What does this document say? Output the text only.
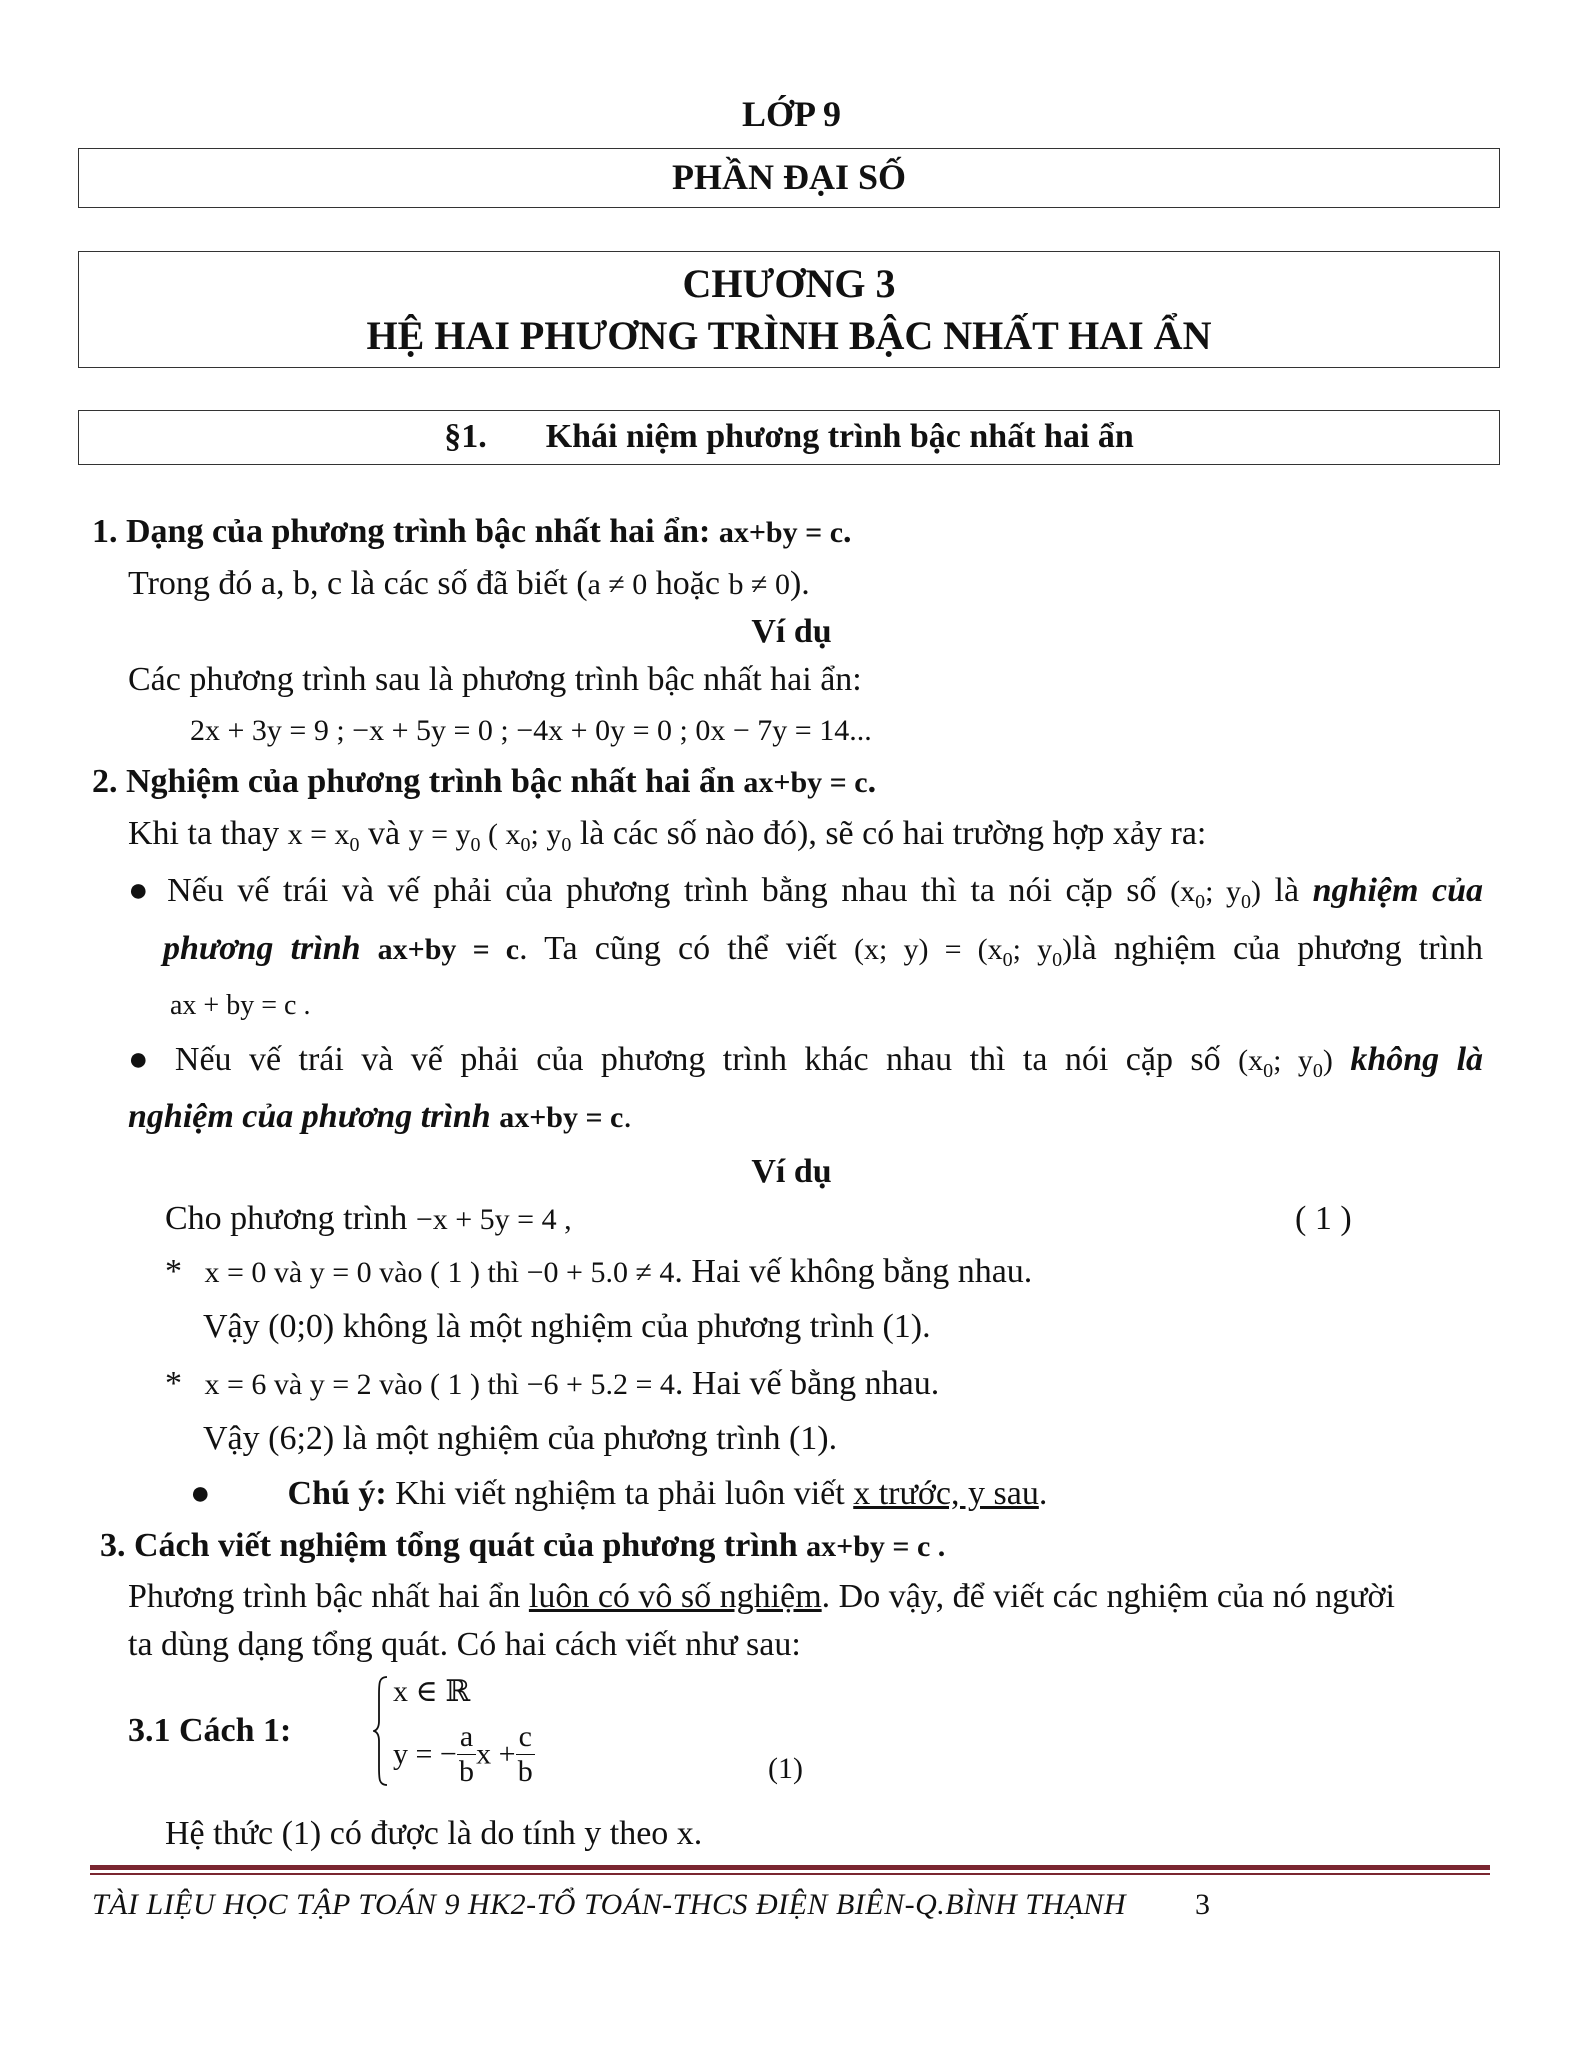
LỚP 9
PHẦN ĐẠI SỐ
CHƯƠNG 3
HỆ HAI PHƯƠNG TRÌNH BẬC NHẤT HAI ẨN
§1. Khái niệm phương trình bậc nhất hai ẩn
1. Dạng của phương trình bậc nhất hai ẩn: ax+by = c.
Trong đó a, b, c là các số đã biết (a ≠ 0 hoặc b ≠ 0).
Ví dụ
Các phương trình sau là phương trình bậc nhất hai ẩn:
2x + 3y = 9 ; −x + 5y = 0 ; −4x + 0y = 0 ; 0x − 7y = 14...
2. Nghiệm của phương trình bậc nhất hai ẩn ax+by = c.
Khi ta thay $x = x_0$ và $y = y_0$ ( $x_0$; $y_0$ là các số nào đó), sẽ có hai trường hợp xảy ra:
● Nếu vế trái và vế phải của phương trình bằng nhau thì ta nói cặp số ($x_0$; $y_0$) là nghiệm của
phương trình ax+by = c. Ta cũng có thể viết (x; $y) = (x_0$; $y_0)là$ nghiệm của phương trình
ax + by = c .
● Nếu vế trái và vế phải của phương trình khác nhau thì ta nói cặp số ($x_0$; $y_0$) không là
nghiệm của phương trình ax+by = c.
Ví dụ
Cho phương trình −x + 5y = 4 ,	( 1 )
* x = 0 và y = 0 vào ( 1 ) thì −0 + 5.0 ≠ 4. Hai vế không bằng nhau.
Vậy (0;0) không là một nghiệm của phương trình (1).
* x = 6 và y = 2 vào ( 1 ) thì −6 + 5.2 = 4. Hai vế bằng nhau.
Vậy (6;2) là một nghiệm của phương trình (1).
● Chú ý: Khi viết nghiệm ta phải luôn viết x trước, y sau.
3. Cách viết nghiệm tổng quát của phương trình ax+by = c .
Phương trình bậc nhất hai ẩn luôn có vô số nghiệm. Do vậy, để viết các nghiệm của nó người
ta dùng dạng tổng quát. Có hai cách viết như sau:
3.1 Cách 1:
x ∈ ℝ
y = − $\frac{a}{b}$ $x + \frac{c}{b}$	(1)
Hệ thức (1) có được là do tính y theo x.
TÀI LIỆU HỌC TẬP TOÁN 9 HK2-TỔ TOÁN-THCS ĐIỆN BIÊN-Q.BÌNH THẠNH 3
